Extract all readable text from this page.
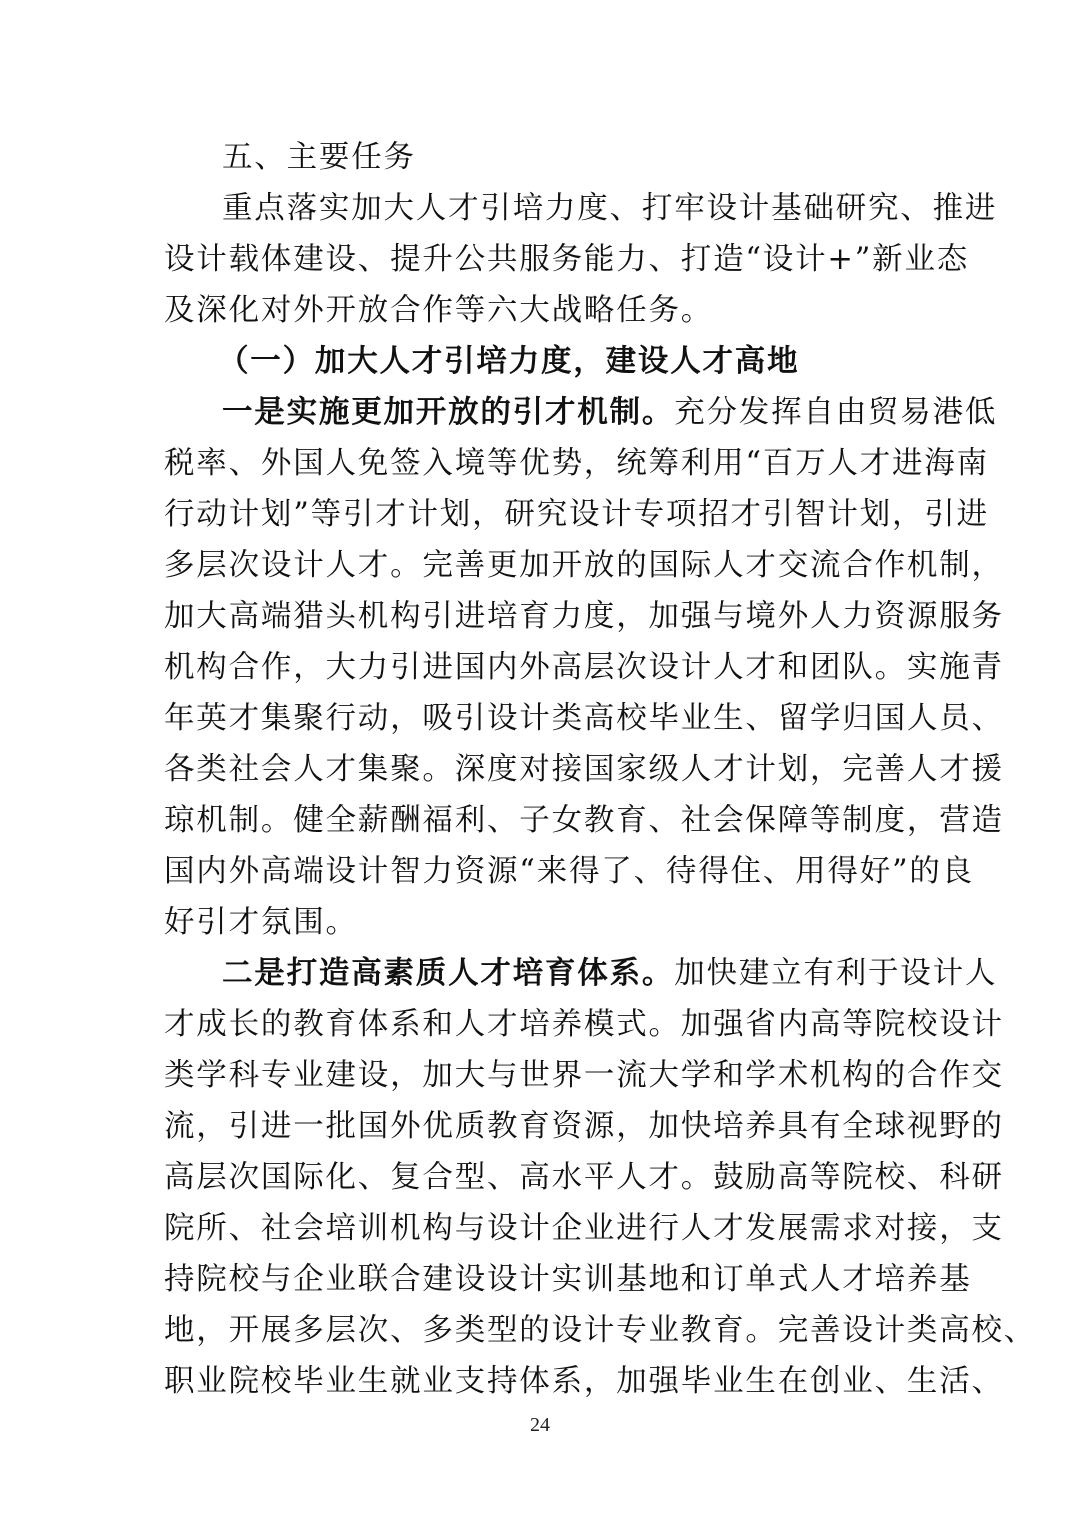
五、主要任务
重点落实加大人才引培力度、打牢设计基础研究、推进
设计载体建设、提升公共服务能力、打造“设计+”新业态
及深化对外开放合作等六大战略任务。
（一）加大人才引培力度，建设人才高地
一是实施更加开放的引才机制。充分发挥自由贸易港低
税率、外国人免签入境等优势，统筹利用“百万人才进海南
行动计划”等引才计划，研究设计专项招才引智计划，引进
多层次设计人才。完善更加开放的国际人才交流合作机制，
加大高端猎头机构引进培育力度，加强与境外人力资源服务
机构合作，大力引进国内外高层次设计人才和团队。实施青
年英才集聚行动，吸引设计类高校毕业生、留学归国人员、
各类社会人才集聚。深度对接国家级人才计划，完善人才援
琼机制。健全薪酬福利、子女教育、社会保障等制度，营造
国内外高端设计智力资源“来得了、待得住、用得好”的良
好引才氛围。
二是打造高素质人才培育体系。加快建立有利于设计人
才成长的教育体系和人才培养模式。加强省内高等院校设计
类学科专业建设，加大与世界一流大学和学术机构的合作交
流，引进一批国外优质教育资源，加快培养具有全球视野的
高层次国际化、复合型、高水平人才。鼓励高等院校、科研
院所、社会培训机构与设计企业进行人才发展需求对接，支
持院校与企业联合建设设计实训基地和订单式人才培养基
地，开展多层次、多类型的设计专业教育。完善设计类高校、
职业院校毕业生就业支持体系，加强毕业生在创业、生活、
24
